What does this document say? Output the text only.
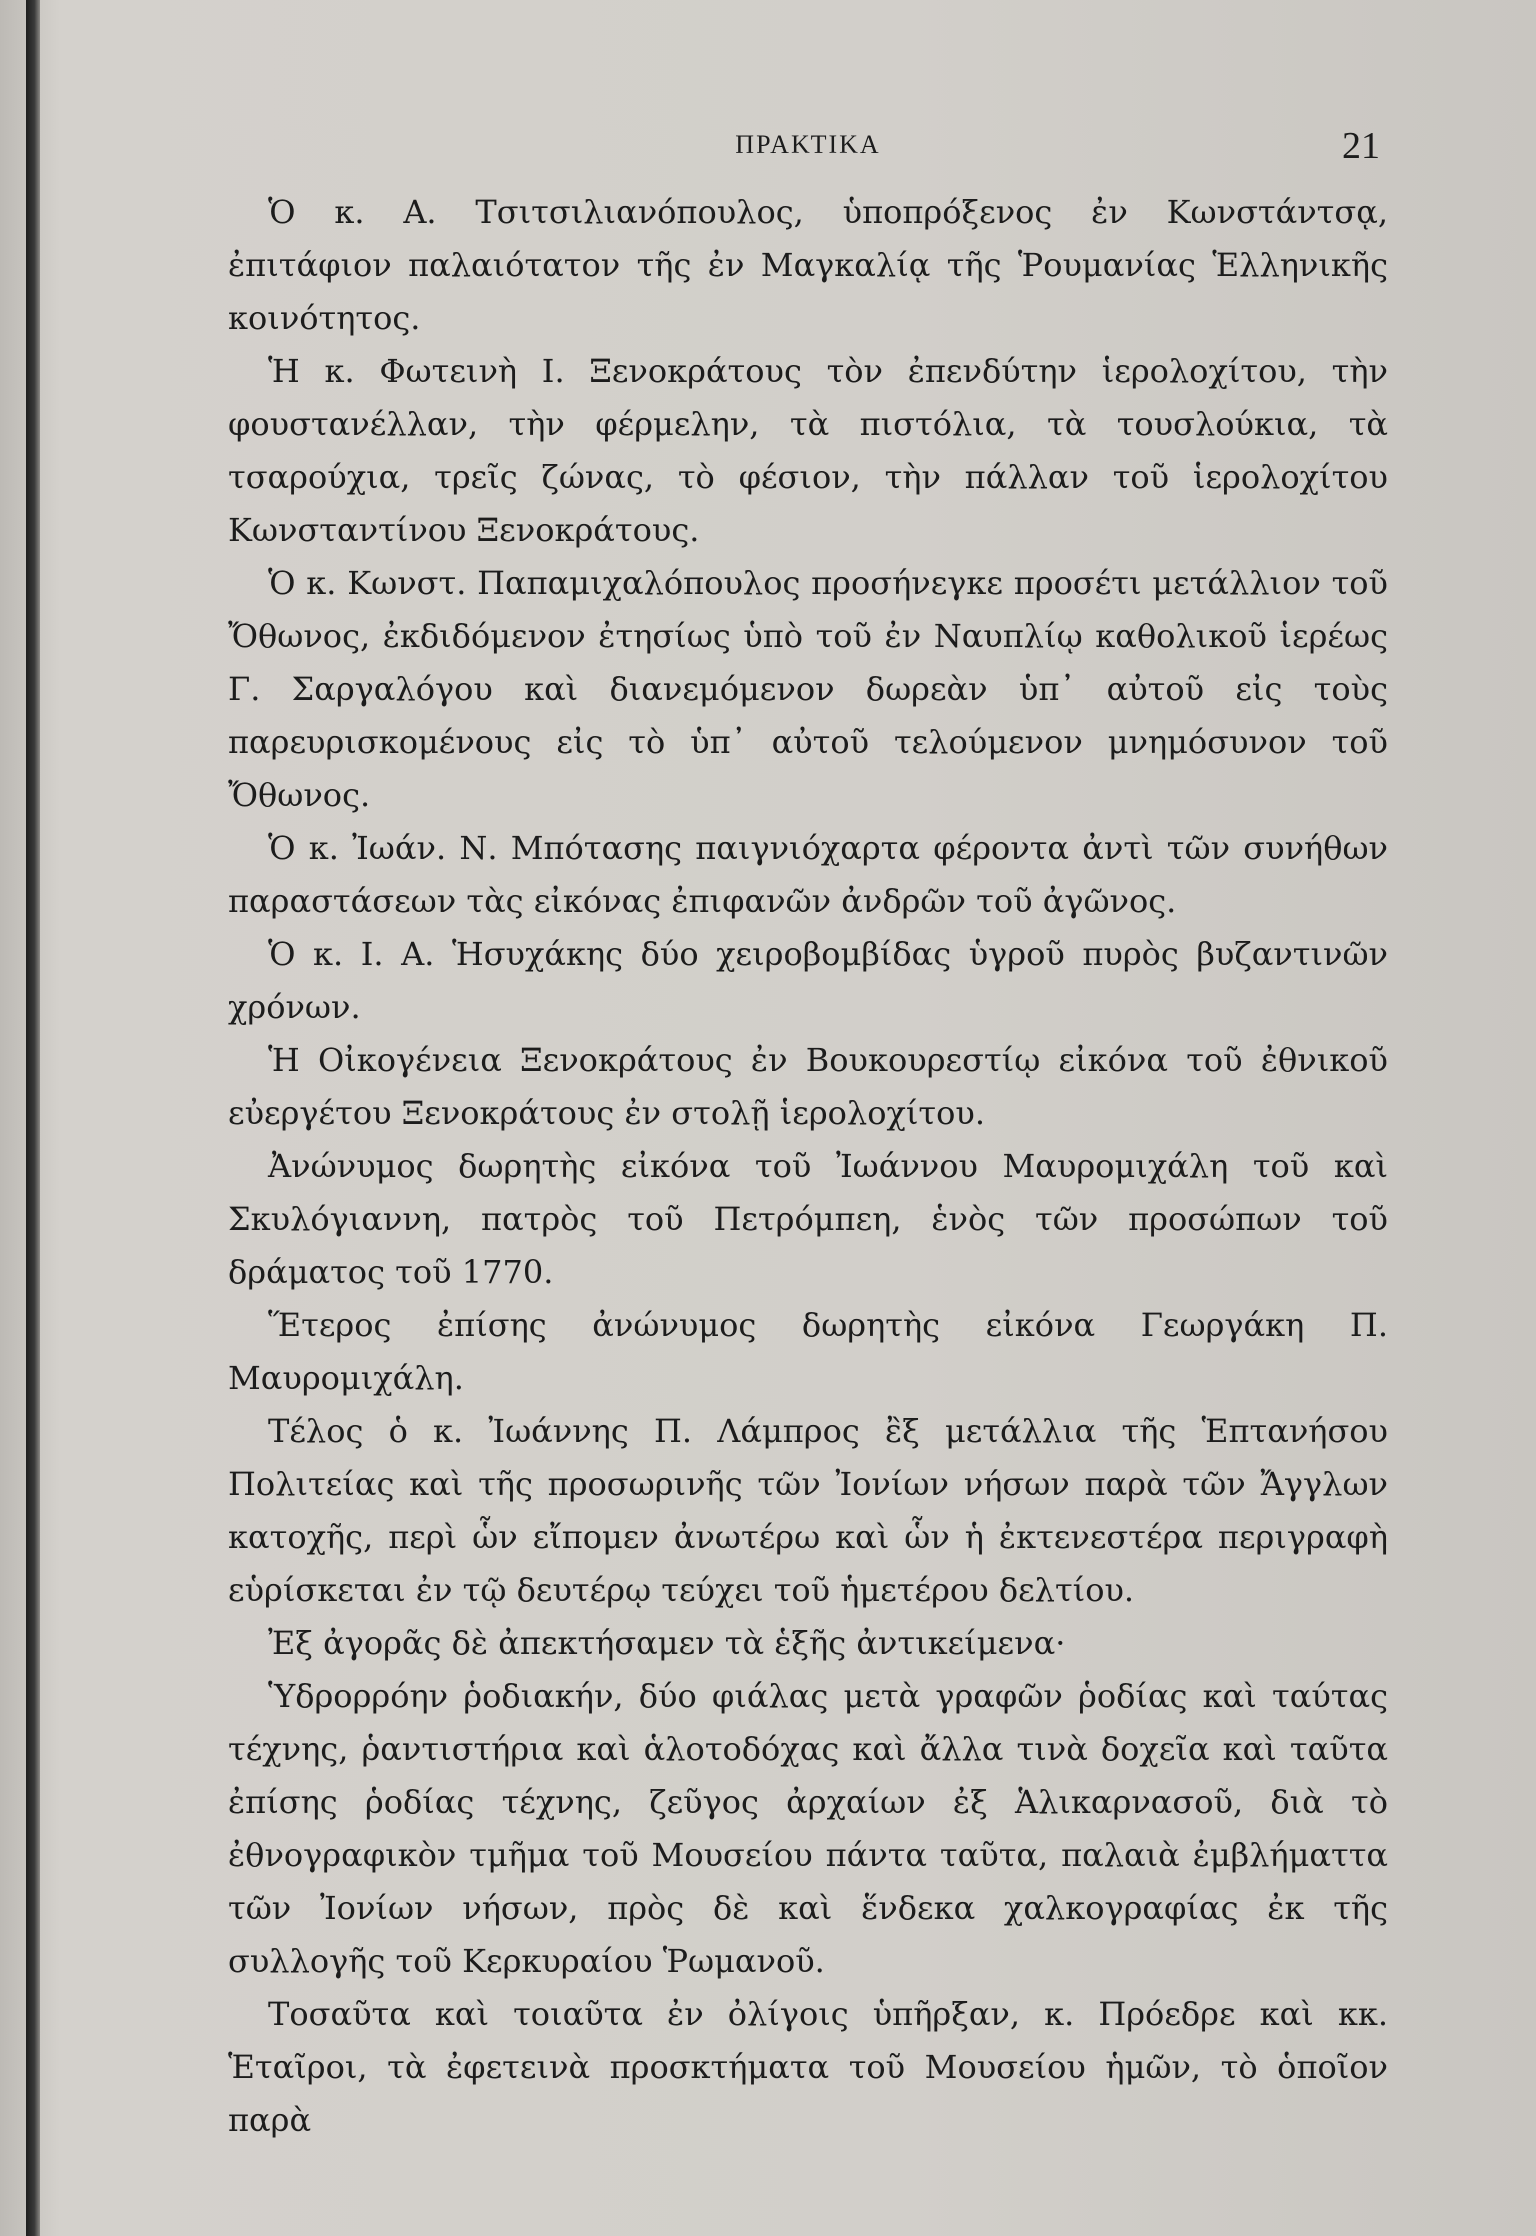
ΠΡΑΚΤΙΚΑ	21

Ὁ κ. Α. Τσιτσιλιανόπουλος, ὑποπρόξενος ἐν Κωνστάντσᾳ, ἐπιτάφιον παλαιότατον τῆς ἐν Μαγκαλίᾳ τῆς Ῥουμανίας Ἑλληνικῆς κοινότητος.

Ἡ κ. Φωτεινὴ Ι. Ξενοκράτους τὸν ἐπενδύτην ἱερολοχίτου, τὴν φουστανέλλαν, τὴν φέρμελην, τὰ πιστόλια, τὰ τουσλούκια, τὰ τσαρούχια, τρεῖς ζώνας, τὸ φέσιον, τὴν πάλλαν τοῦ ἱερολοχίτου Κωνσταντίνου Ξενοκράτους.

Ὁ κ. Κωνστ. Παπαμιχαλόπουλος προσήνεγκε προσέτι μετάλλιον τοῦ Ὄθωνος, ἐκδιδόμενον ἐτησίως ὑπὸ τοῦ ἐν Ναυπλίῳ καθολικοῦ ἱερέως Γ. Σαργαλόγου καὶ διανεμόμενον δωρεὰν ὑπ᾽ αὐτοῦ εἰς τοὺς παρευρισκομένους εἰς τὸ ὑπ᾽ αὐτοῦ τελούμενον μνημόσυνον τοῦ Ὄθωνος.

Ὁ κ. Ἰωάν. Ν. Μπότασης παιγνιόχαρτα φέροντα ἀντὶ τῶν συνήθων παραστάσεων τὰς εἰκόνας ἐπιφανῶν ἀνδρῶν τοῦ ἀγῶνος.

Ὁ κ. Ι. Α. Ἡσυχάκης δύο χειροβομβίδας ὑγροῦ πυρὸς βυζαντινῶν χρόνων.

Ἡ Οἰκογένεια Ξενοκράτους ἐν Βουκουρεστίῳ εἰκόνα τοῦ ἐθνικοῦ εὐεργέτου Ξενοκράτους ἐν στολῇ ἱερολοχίτου.

Ἀνώνυμος δωρητὴς εἰκόνα τοῦ Ἰωάννου Μαυρομιχάλη τοῦ καὶ Σκυλόγιαννη, πατρὸς τοῦ Πετρόμπεη, ἑνὸς τῶν προσώπων τοῦ δράματος τοῦ 1770.

Ἕτερος ἐπίσης ἀνώνυμος δωρητὴς εἰκόνα Γεωργάκη Π. Μαυρομιχάλη.

Τέλος ὁ κ. Ἰωάννης Π. Λάμπρος ἒξ μετάλλια τῆς Ἑπτανήσου Πολιτείας καὶ τῆς προσωρινῆς τῶν Ἰονίων νήσων παρὰ τῶν Ἄγγλων κατοχῆς, περὶ ὧν εἴπομεν ἀνωτέρω καὶ ὧν ἡ ἐκτενεστέρα περιγραφὴ εὑρίσκεται ἐν τῷ δευτέρῳ τεύχει τοῦ ἡμετέρου δελτίου.

Ἐξ ἀγορᾶς δὲ ἀπεκτήσαμεν τὰ ἑξῆς ἀντικείμενα·

Ὑδρορρόην ῥοδιακήν, δύο φιάλας μετὰ γραφῶν ῥοδίας καὶ ταύτας τέχνης, ῥαντιστήρια καὶ ἁλοτοδόχας καὶ ἄλλα τινὰ δοχεῖα καὶ ταῦτα ἐπίσης ῥοδίας τέχνης, ζεῦγος ἀρχαίων ἐξ Ἁλικαρνασοῦ, διὰ τὸ ἐθνογραφικὸν τμῆμα τοῦ Μουσείου πάντα ταῦτα, παλαιὰ ἐμβλήματτα τῶν Ἰονίων νήσων, πρὸς δὲ καὶ ἕνδεκα χαλκογραφίας ἐκ τῆς συλλογῆς τοῦ Κερκυραίου Ῥωμανοῦ.

Τοσαῦτα καὶ τοιαῦτα ἐν ὀλίγοις ὑπῆρξαν, κ. Πρόεδρε καὶ κκ. Ἑταῖροι, τὰ ἐφετεινὰ προσκτήματα τοῦ Μουσείου ἡμῶν, τὸ ὁποῖον παρὰ
